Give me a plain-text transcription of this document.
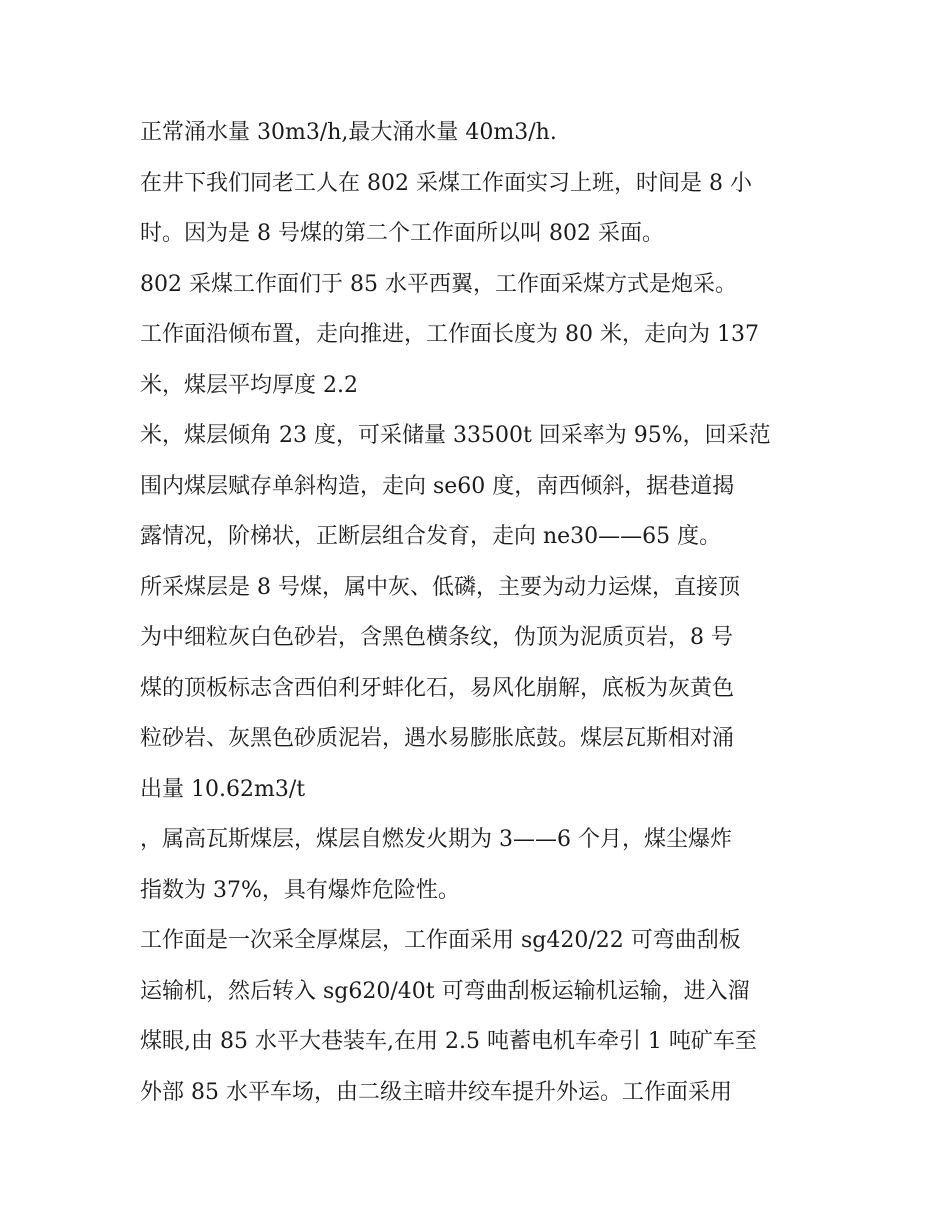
正常涌水量 30m3/h,最大涌水量 40m3/h.
在井下我们同老工人在 802 采煤工作面实习上班，时间是 8 小
时。因为是 8 号煤的第二个工作面所以叫 802 采面。
802 采煤工作面们于 85 水平西翼，工作面采煤方式是炮采。
工作面沿倾布置，走向推进，工作面长度为 80 米，走向为 137
米，煤层平均厚度 2.2
米，煤层倾角 23 度，可采储量 33500t 回采率为 95%，回采范
围内煤层赋存单斜构造，走向 se60 度，南西倾斜，据巷道揭
露情况，阶梯状，正断层组合发育，走向 ne30——65 度。
所采煤层是 8 号煤，属中灰、低磷，主要为动力运煤，直接顶
为中细粒灰白色砂岩，含黑色横条纹，伪顶为泥质页岩，8 号
煤的顶板标志含西伯利牙蚌化石，易风化崩解，底板为灰黄色
粒砂岩、灰黑色砂质泥岩，遇水易膨胀底鼓。煤层瓦斯相对涌
出量 10.62m3/t
，属高瓦斯煤层，煤层自燃发火期为 3——6 个月，煤尘爆炸
指数为 37%，具有爆炸危险性。
工作面是一次采全厚煤层，工作面采用 sg420/22 可弯曲刮板
运输机，然后转入 sg620/40t 可弯曲刮板运输机运输，进入溜
煤眼,由 85 水平大巷装车,在用 2.5 吨蓄电机车牵引 1 吨矿车至
外部 85 水平车场，由二级主暗井绞车提升外运。工作面采用
